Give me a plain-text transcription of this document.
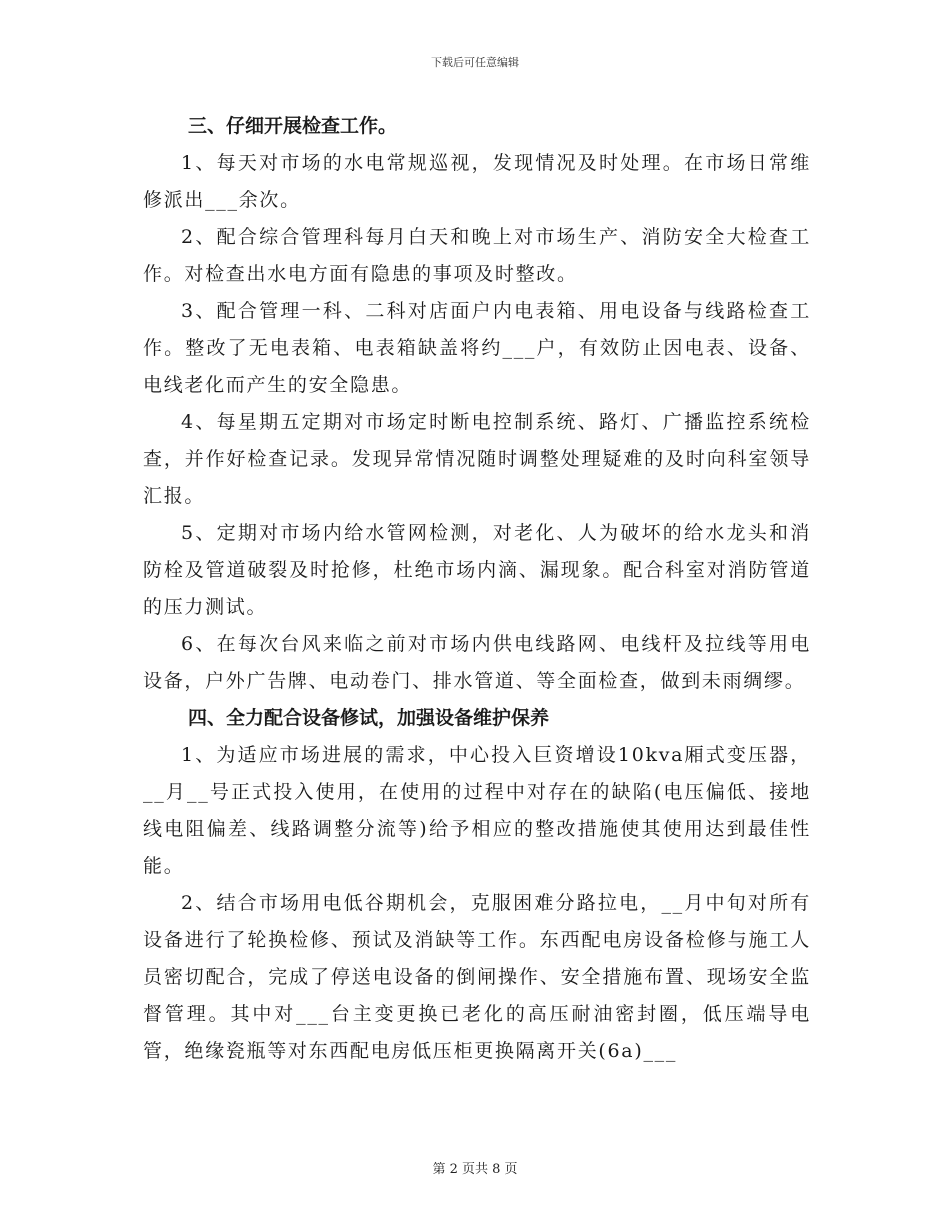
下载后可任意编辑

三、仔细开展检查工作。

1、每天对市场的水电常规巡视，发现情况及时处理。在市场日常维修派出___余次。

2、配合综合管理科每月白天和晚上对市场生产、消防安全大检查工作。对检查出水电方面有隐患的事项及时整改。

3、配合管理一科、二科对店面户内电表箱、用电设备与线路检查工作。整改了无电表箱、电表箱缺盖将约___户，有效防止因电表、设备、电线老化而产生的安全隐患。

4、每星期五定期对市场定时断电控制系统、路灯、广播监控系统检查，并作好检查记录。发现异常情况随时调整处理疑难的及时向科室领导汇报。

5、定期对市场内给水管网检测，对老化、人为破坏的给水龙头和消防栓及管道破裂及时抢修，杜绝市场内滴、漏现象。配合科室对消防管道的压力测试。

6、在每次台风来临之前对市场内供电线路网、电线杆及拉线等用电设备，户外广告牌、电动卷门、排水管道、等全面检查，做到未雨绸缪。

四、全力配合设备修试，加强设备维护保养

1、为适应市场进展的需求，中心投入巨资增设10kva厢式变压器，__月__号正式投入使用，在使用的过程中对存在的缺陷(电压偏低、接地线电阻偏差、线路调整分流等)给予相应的整改措施使其使用达到最佳性能。

2、结合市场用电低谷期机会，克服困难分路拉电，__月中旬对所有设备进行了轮换检修、预试及消缺等工作。东西配电房设备检修与施工人员密切配合，完成了停送电设备的倒闸操作、安全措施布置、现场安全监督管理。其中对___台主变更换已老化的高压耐油密封圈，低压端导电管，绝缘瓷瓶等对东西配电房低压柜更换隔离开关(6a)___

第 2 页共 8 页
